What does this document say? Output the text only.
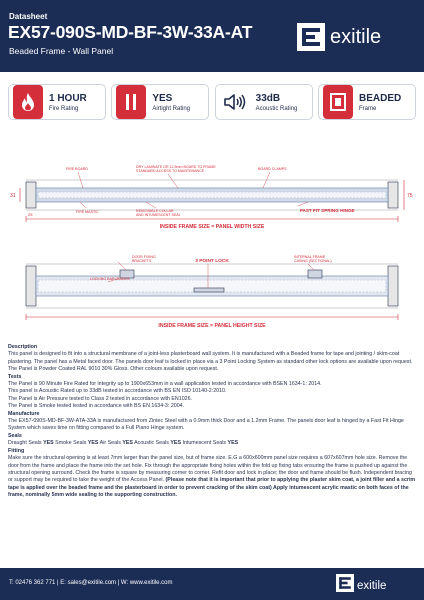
Datasheet
EX57-090S-MD-BF-3W-33A-AT
Beaded Frame - Wall Panel
exitile
1 HOUR
Fire Rating
YES
Airtight Rating
33dB
Acoustic Rating
BEADED
Frame
FIRE BOARD	DRY LAMINATE OR 12.5mm BOARD TO FRAME
STANDARD ACCESS TO MAINTENANCE	BOARD CLAMPS
REMOVABLE COLLAR
AND INTUMESCENT SEAL
FIRE MASTIC	FAST FIT SPRING HINGE
31	75
25
INSIDE FRAME SIZE = PANEL WIDTH SIZE
DOOR FIXING
BRACKETS	3 POINT LOCK
LOCKING BAR GUIDES
INTERNAL FRAME
CASING (SECTIONAL)
INSIDE FRAME SIZE = PANEL HEIGHT SIZE
Description
This panel is designed to fit into a structural membrane of a joint-less plasterboard wall system. It is manufactured with a Beaded frame for tape and jointing / skim-coat plastering. The panel has a Metal faced door. The panels door leaf is locked in place via a 3 Point Locking System as standard other lock options are available upon request. The Panel is Powder Coated RAL 9010 30% Gloss. Other colours available upon request.
Tests
The Panel is 90 Minute Fire Rated for integrity up to 1900x653mm in a wall application tested in accordance with BSEN 1634-1: 2014.
This panel is Acoustic Rated up to 33dB tested in accordance with BS EN ISO 10140-2:2010.
The Panel is Air Pressure tested to Class 2 tested in accordance with EN1026.
The Panel is Smoke tested tested in accordance with BS EN 1634-3: 2004.
Manufacture
The EX57-090S-MD-BF-3W-ATA-33A is manufactured from Zintec Steel with a 0.9mm thick Door and a 1.2mm Frame. The panels door leaf is hinged by a Fast Fit Hinge System which saves time on fitting compared to a Full Piano Hinge system.
Seals
Draught Seals YES Smoke Seals YES Air Seals YES Acoustic Seals YES Intumescent Seals YES
Fitting
Make sure the structural opening is at least 7mm larger than the panel size, but of frame size. E.G a 600x600mm panel size requires a 607x607mm hole size. Remove the door from the frame and place the frame into the set hole. Fix through the appropriate fixing holes within the fold up fixing tabs ensuring the frame is pushed up against the structural opening surround. Check the frame is square by measuring corner to corner. Refit door and lock in place; the door and frame should be flush. Independent bracing or support may be required to take the weight of the Access Panel. (Please note that it is important that prior to applying the plaster skim coat, a joint filler and a scrim tape is applied over the beaded frame and the plasterboard in order to prevent cracking of the skim coat) Apply intumescent acrylic mastic on both faces of the frame, nominally 5mm wide sealing to the supporting construction.
T: 02476 362 771 | E: sales@exitile.com | W: www.exitile.com	exitile
